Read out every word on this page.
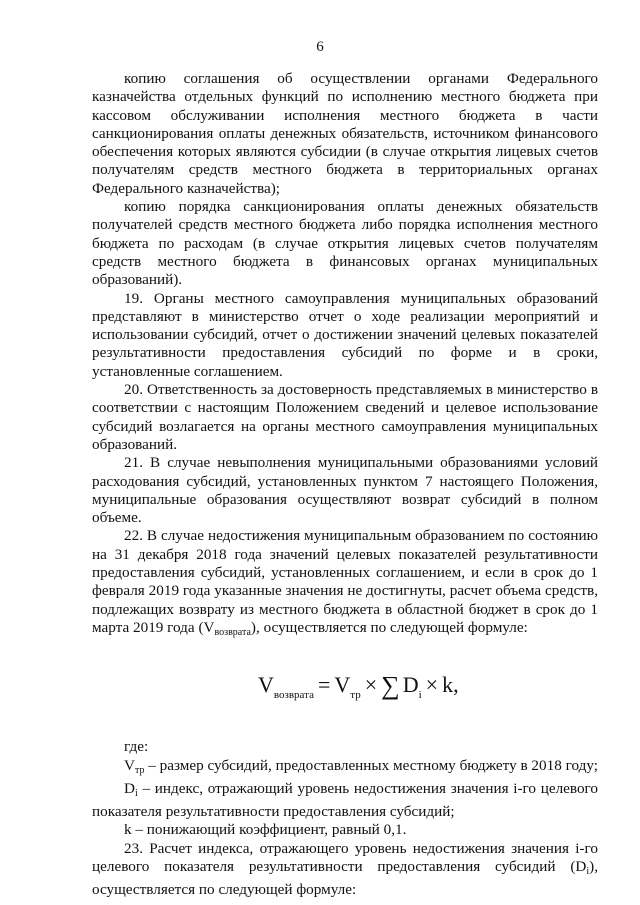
6

копию соглашения об осуществлении органами Федерального казначейства отдельных функций по исполнению местного бюджета при кассовом обслуживании исполнения местного бюджета в части санкционирования оплаты денежных обязательств, источником финансового обеспечения которых являются субсидии (в случае открытия лицевых счетов получателям средств местного бюджета в территориальных органах Федерального казначейства);

копию порядка санкционирования оплаты денежных обязательств получателей средств местного бюджета либо порядка исполнения местного бюджета по расходам (в случае открытия лицевых счетов получателям средств местного бюджета в финансовых органах муниципальных образований).

19. Органы местного самоуправления муниципальных образований представляют в министерство отчет о ходе реализации мероприятий и использовании субсидий, отчет о достижении значений целевых показателей результативности предоставления субсидий по форме и в сроки, установленные соглашением.

20. Ответственность за достоверность представляемых в министерство в соответствии с настоящим Положением сведений и целевое использование субсидий возлагается на органы местного самоуправления муниципальных образований.

21. В случае невыполнения муниципальными образованиями условий расходования субсидий, установленных пунктом 7 настоящего Положения, муниципальные образования осуществляют возврат субсидий в полном объеме.

22. В случае недостижения муниципальным образованием по состоянию на 31 декабря 2018 года значений целевых показателей результативности предоставления субсидий, установленных соглашением, и если в срок до 1 февраля 2019 года указанные значения не достигнуты, расчет объема средств, подлежащих возврату из местного бюджета в областной бюджет в срок до 1 марта 2019 года (Vвозврата), осуществляется по следующей формуле:

$V_{возврата} = V_{тр}$ × ∑ $D_i \times k$,

где:

Vтр – размер субсидий, предоставленных местному бюджету в 2018 году;

Di – индекс, отражающий уровень недостижения значения i-го целевого показателя результативности предоставления субсидий;

k – понижающий коэффициент, равный 0,1.

23. Расчет индекса, отражающего уровень недостижения значения i-го целевого показателя результативности предоставления субсидий (Di), осуществляется по следующей формуле:
